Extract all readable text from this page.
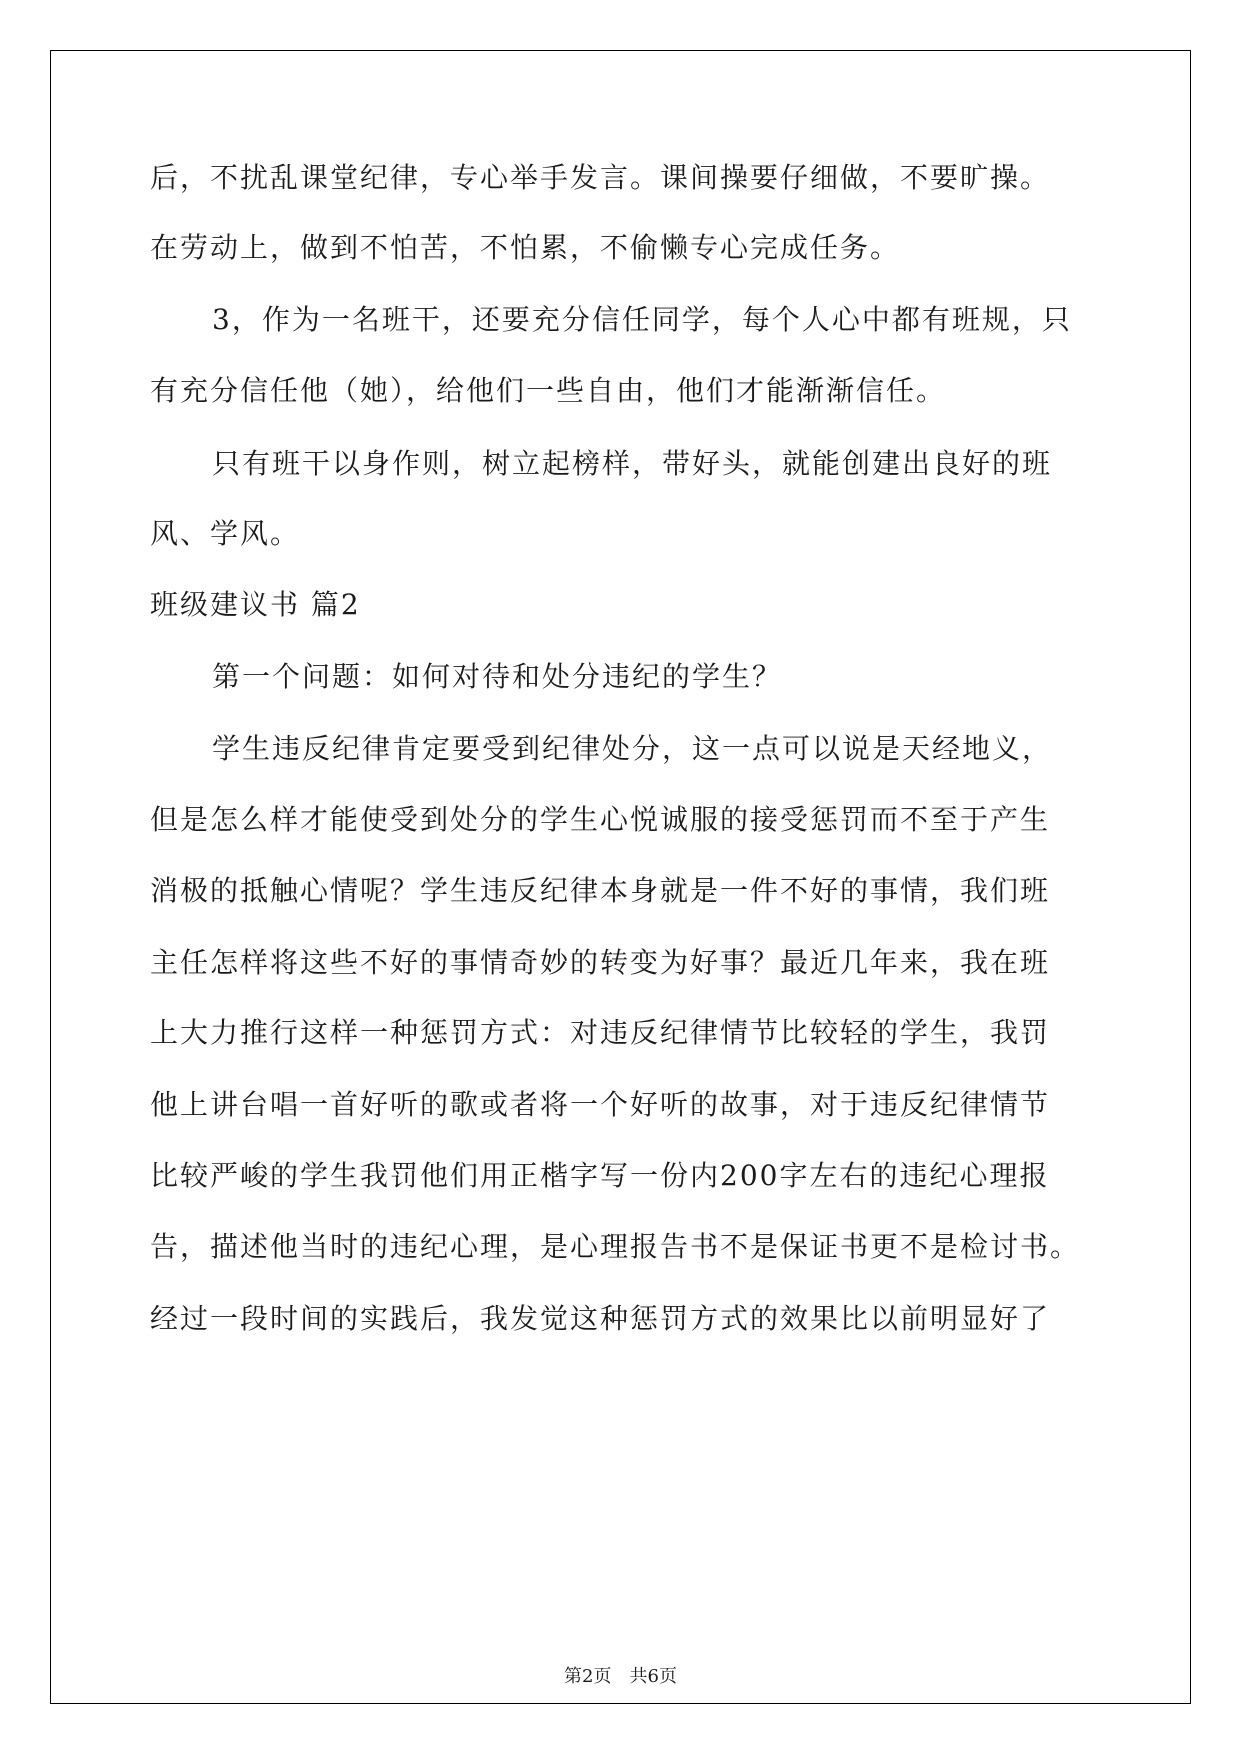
后，不扰乱课堂纪律，专心举手发言。课间操要仔细做，不要旷操。
在劳动上，做到不怕苦，不怕累，不偷懒专心完成任务。
3，作为一名班干，还要充分信任同学，每个人心中都有班规，只
有充分信任他（她），给他们一些自由，他们才能渐渐信任。
只有班干以身作则，树立起榜样，带好头，就能创建出良好的班
风、学风。
班级建议书 篇2
第一个问题：如何对待和处分违纪的学生？
学生违反纪律肯定要受到纪律处分，这一点可以说是天经地义，
但是怎么样才能使受到处分的学生心悦诚服的接受惩罚而不至于产生
消极的抵触心情呢？学生违反纪律本身就是一件不好的事情，我们班
主任怎样将这些不好的事情奇妙的转变为好事？最近几年来，我在班
上大力推行这样一种惩罚方式：对违反纪律情节比较轻的学生，我罚
他上讲台唱一首好听的歌或者将一个好听的故事，对于违反纪律情节
比较严峻的学生我罚他们用正楷字写一份内200字左右的违纪心理报
告，描述他当时的违纪心理，是心理报告书不是保证书更不是检讨书。
经过一段时间的实践后，我发觉这种惩罚方式的效果比以前明显好了
第2页　共6页
